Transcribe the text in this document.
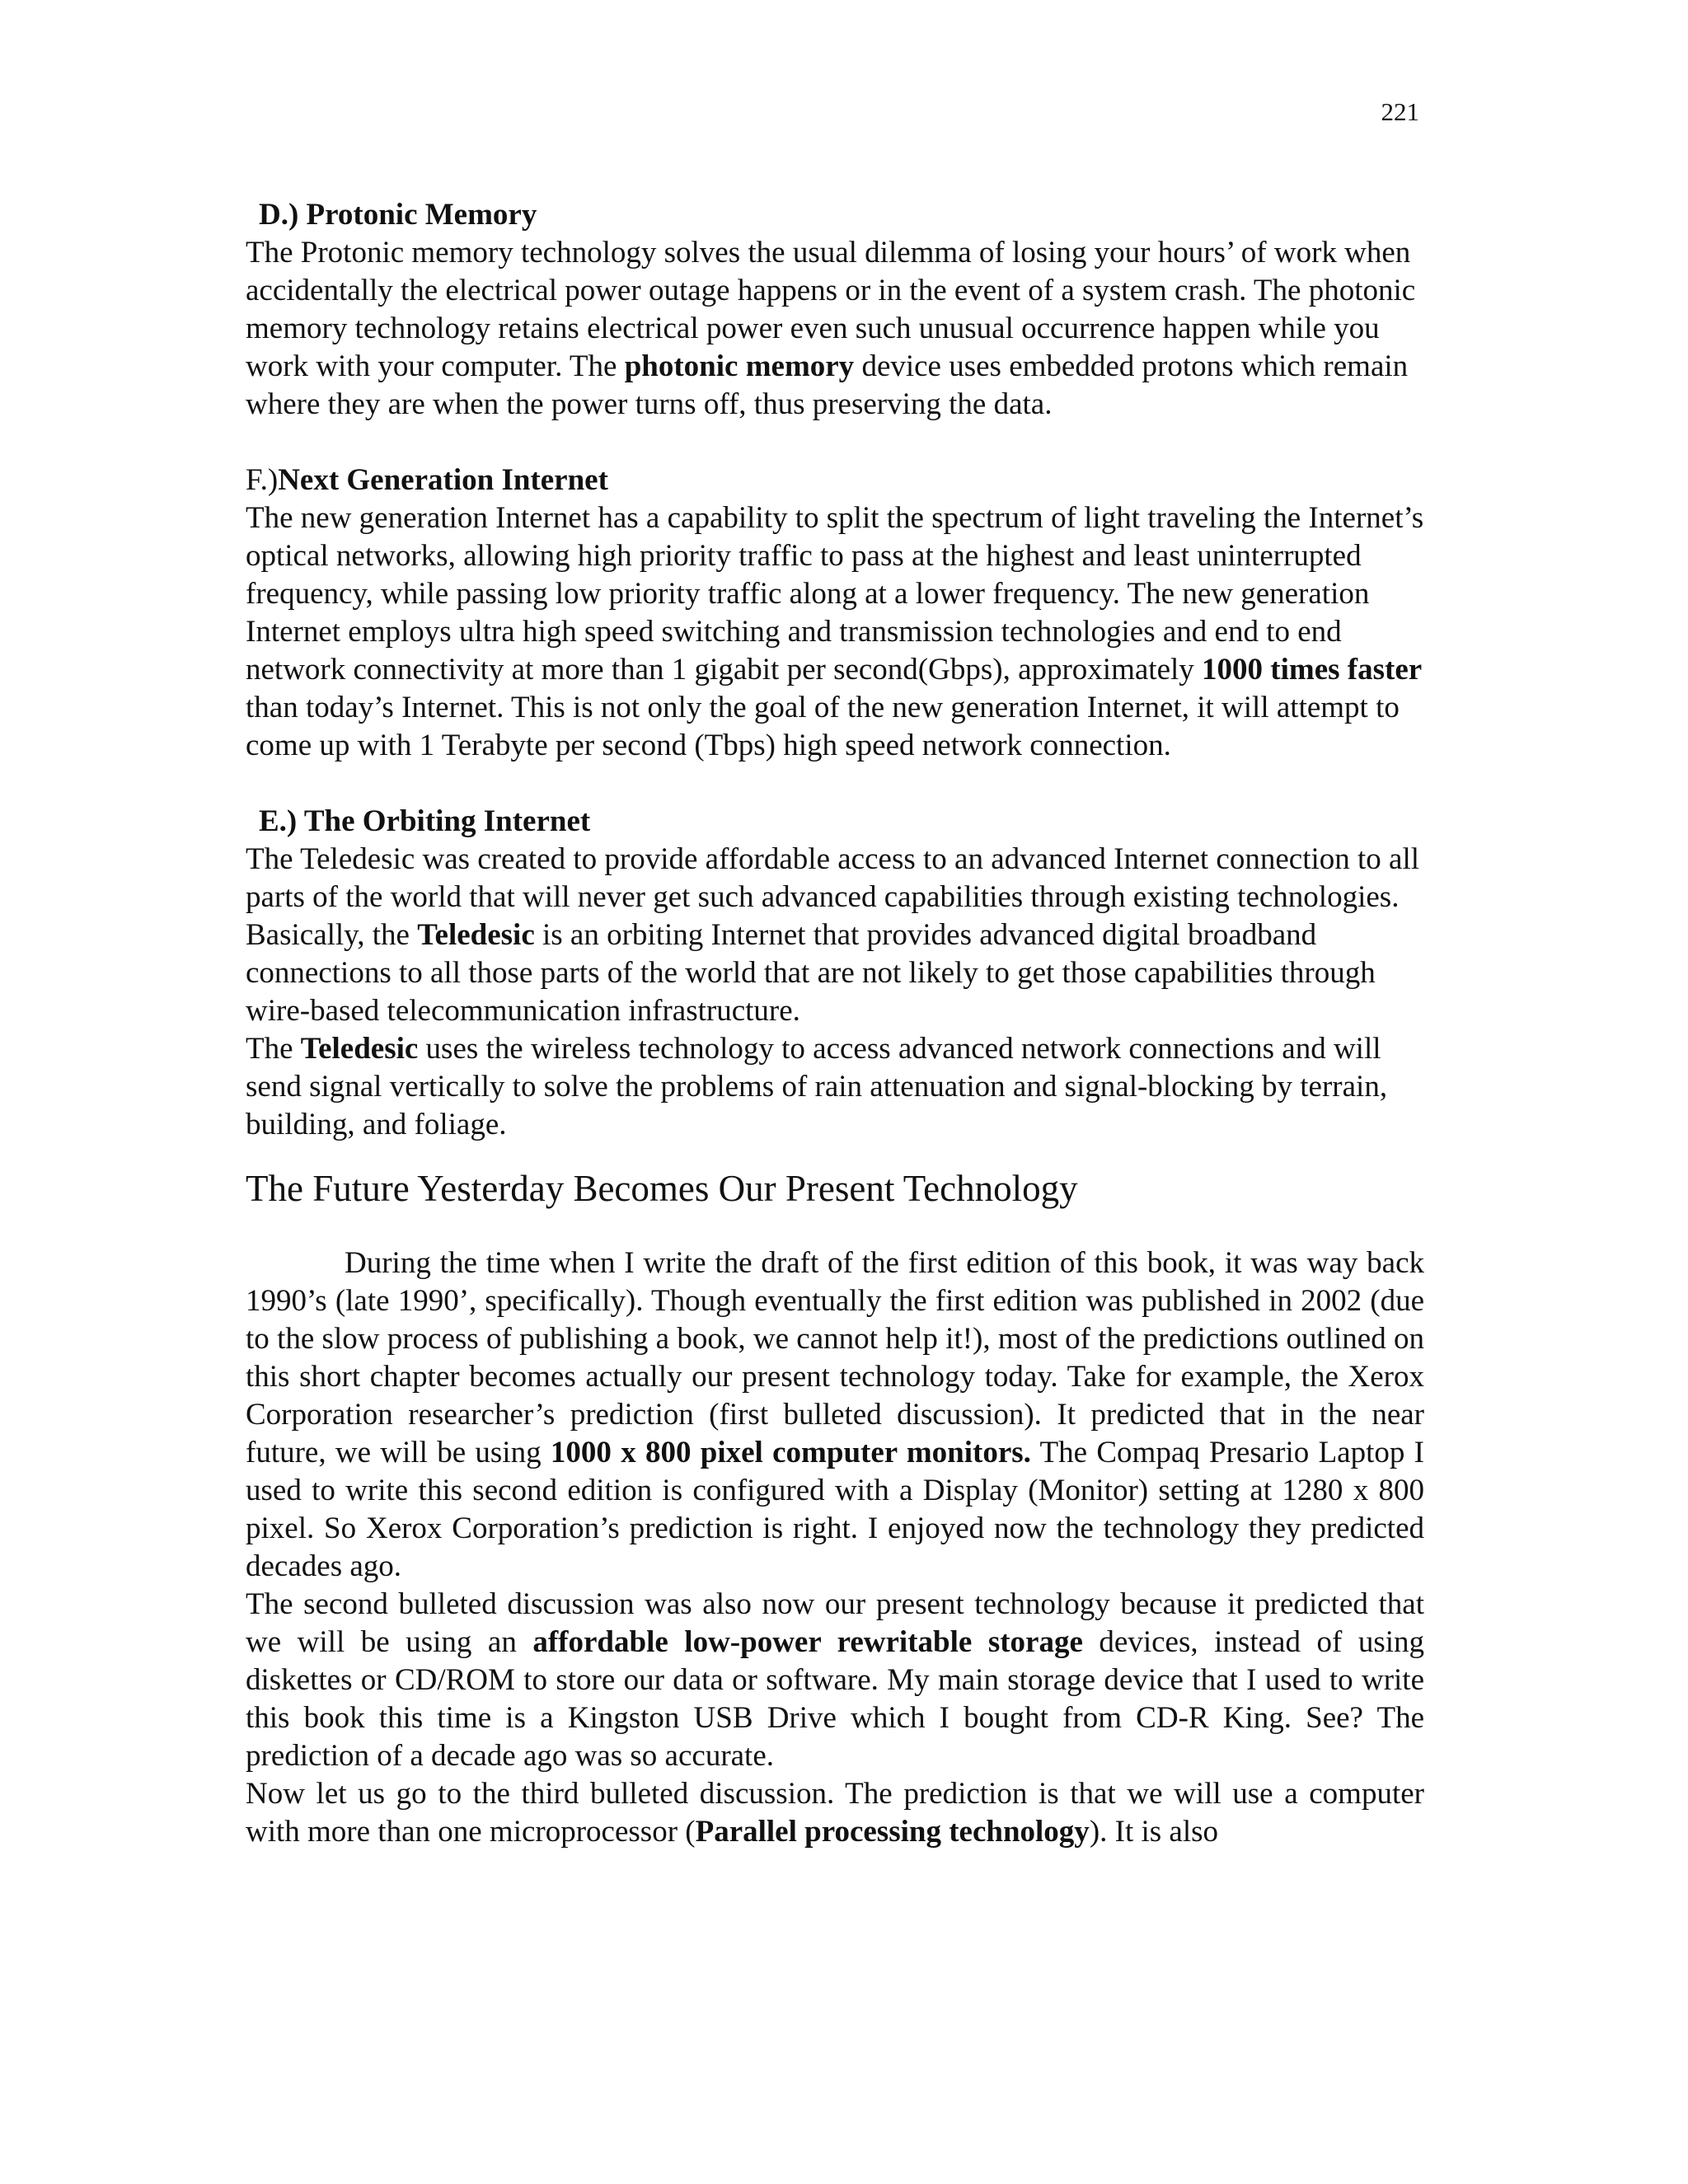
221
D.) Protonic Memory

The Protonic memory technology solves the usual dilemma of losing your hours’ of work when accidentally the electrical power outage happens or in the event of a system crash. The photonic memory technology retains electrical power even such unusual occurrence happen while you work with your computer. The photonic memory device uses embedded protons which remain where they are when the power turns off, thus preserving the data.

F.)Next Generation Internet

The new generation Internet has a capability to split the spectrum of light traveling the Internet’s optical networks, allowing high priority traffic to pass at the highest and least uninterrupted frequency, while passing low priority traffic along at a lower frequency. The new generation Internet employs ultra high speed switching and transmission technologies and end to end network connectivity at more than 1 gigabit per second(Gbps), approximately 1000 times faster than today’s Internet. This is not only the goal of the new generation Internet, it will attempt to come up with 1 Terabyte per second (Tbps) high speed network connection.

E.) The Orbiting Internet

The Teledesic was created to provide affordable access to an advanced Internet connection to all parts of the world that will never get such advanced capabilities through existing technologies. Basically, the Teledesic is an orbiting Internet that provides advanced digital broadband connections to all those parts of the world that are not likely to get those capabilities through wire-based telecommunication infrastructure.

The Teledesic uses the wireless technology to access advanced network connections and will send signal vertically to solve the problems of rain attenuation and signal-blocking by terrain, building, and foliage.

The Future Yesterday Becomes Our Present Technology

During the time when I write the draft of the first edition of this book, it was way back 1990’s (late 1990’, specifically). Though eventually the first edition was published in 2002 (due to the slow process of publishing a book, we cannot help it!), most of the predictions outlined on this short chapter becomes actually our present technology today. Take for example, the Xerox Corporation researcher’s prediction (first bulleted discussion). It predicted that in the near future, we will be using 1000 x 800 pixel computer monitors. The Compaq Presario Laptop I used to write this second edition is configured with a Display (Monitor) setting at 1280 x 800 pixel. So Xerox Corporation’s prediction is right. I enjoyed now the technology they predicted decades ago.

The second bulleted discussion was also now our present technology because it predicted that we will be using an affordable low-power rewritable storage devices, instead of using diskettes or CD/ROM to store our data or software. My main storage device that I used to write this book this time is a Kingston USB Drive which I bought from CD-R King. See? The prediction of a decade ago was so accurate.

Now let us go to the third bulleted discussion. The prediction is that we will use a computer with more than one microprocessor (Parallel processing technology). It is also
